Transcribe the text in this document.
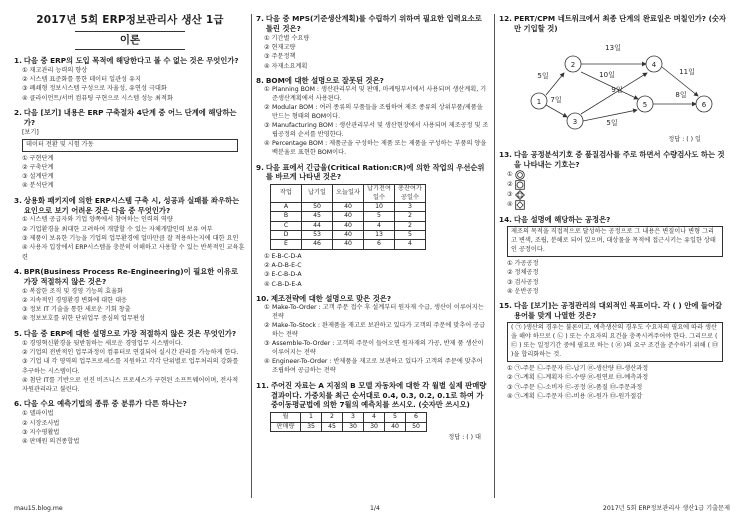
2017년 5회 ERP정보관리사 생산 1급
이론
1. 다음 중 ERP의 도입 목적에 해당한다고 볼 수 없는 것은 무엇인가?
① 재고관리 능력의 향상
② 시스템 표준화를 통한 데이터 일관성 유지
③ 폐쇄형 정보시스템 구성으로 자율성, 유연성 극대화
④ 클라이언트/서버 컴퓨팅 구현으로 시스템 성능 최적화
2. 다음 [보기] 내용은 ERP 구축절차 4단계 중 어느 단계에 해당하는가?
[보기]
데이터 전환 및 시험 가동
① 구현단계
② 구축단계
③ 설계단계
④ 분석단계
3. 상용화 패키지에 의한 ERP시스템 구축 시, 성공과 실패를 좌우하는 요인으로 보기 어려운 것은 다음 중 무엇인가?
① 시스템 공급자와 기업 양쪽에서 참여하는 인력의 역량
② 기업환경을 최대한 고려하여 개발할 수 있는 자체개발인력 보유 여부
③ 제품이 보유한 기능을 기업의 업무환경에 얼마만큼 잘 적용하는지에 대한 요인
④ 사용자 입장에서 ERP시스템을 충분히 이해하고 사용할 수 있는 반복적인 교육훈련
4. BPR(Business Process Re-Engineering)이 필요한 이유로 가장 적절하지 않은 것은?
① 복잡한 조직 및 경영 기능의 효율화
② 지속적인 경영환경 변화에 대한 대응
③ 정보 IT 기술을 통한 새로운 기회 창출
④ 정보보호를 위한 단위업무 중심의 업무편성
5. 다음 중 ERP에 대한 설명으로 가장 적절하지 않은 것은 무엇인가?
① 경영혁신환경을 뒷받침하는 새로운 경영업무 시스템이다.
② 기업의 전반적인 업무과정이 컴퓨터로 연결되어 실시간 관리를 가능하게 한다.
③ 기업 내 각 영역의 업무프로세스를 지원하고 각각 단위별로 업무처리의 강화를 추구하는 시스템이다.
④ 첨단 IT를 기반으로 선진 비즈니스 프로세스가 구현된 소프트웨어이며, 전사적 자원관리라고 불린다.
6. 다음 수요 예측기법의 종류 중 분류가 다른 하나는?
① 델파이법
② 시장조사법
③ 지수평활법
④ 판매원 의견종합법
7. 다음 중 MPS(기준생산계획)를 수립하기 위하여 필요한 입력요소로 틀린 것은?
① 기간별 수요량
② 현재고량
③ 주문정책
④ 자재소요계획
8. BOM에 대한 설명으로 잘못된 것은?
① Planning BOM : 생산관리부서 및 판매, 마케팅부서에서 사용되며 생산계획, 기준생산계획에서 사용된다.
② Modular BOM : 여러 종류의 부품들을 조립하여 제조 종류의 상위부품/제품을 만드는 형태의 BOM이다.
③ Manufacturing BOM : 생산관리부서 및 생산현장에서 사용되며 제조공정 및 조립공정의 순서를 반영한다.
④ Percentage BOM : 제품군을 구성하는 제품 또는 제품을 구성하는 부품의 양을 백분율로 표현한 BOM이다.
9. 다음 표에서 긴급율(Critical Ration:CR)에 의한 작업의 우선순위를 바르게 나타낸 것은?
작업	납기일	오늘일자	납기전여일수	총잔여가공일수
A	50	40	10	3
B	45	40	5	2
C	44	40	4	2
D	53	40	13	5
E	46	40	6	4
① E-B-C-D-A
② A-D-B-E-C
③ E-C-B-D-A
④ C-B-D-E-A
10. 제조전략에 대한 설명으로 맞은 것은?
① Make-To-Order : 고객 주문 접수 후 설계부터 원자재 수급, 생산이 이루어지는 전략
② Make-To-Stock : 완제품을 재고로 보관하고 있다가 고객의 주문에 맞추어 공급하는 전략
③ Assemble-To-Order : 고객의 주문이 들어오면 원자재의 가공, 반제 품 생산이 이루어지는 전략
④ Engineer-To-Order : 반제품을 재고로 보관하고 있다가 고객의 주문에 맞추어 조립하여 공급하는 전략
11. 주어진 자료는 A 지점의 B 모델 자동차에 대한 각 월별 실제 판매량 결과이다. 가중치를 최근 순서대로 0.4, 0.3, 0.2, 0.1로 하여 가중이동평균법에 의한 7월의 예측치를 쓰시오. (숫자만 쓰시오)
월	1	2	3	4	5	6
판매량	35	45	30	30	40	50
정답 : ( ) 대
12. PERT/CPM 네트워크에서 최종 단계의 완료일은 며칠인가? (숫자만 기입할 것)
1
2
3
4
5	6
5일
13일
7일
10일
9일
11일
5일
8일
정답 : ( ) 일
13. 다음 공정분석기호 중 품질검사를 주로 하면서 수량검사도 하는 것을 나타내는 기호는?
①
②
③
④
14. 다음 설명에 해당하는 공정은?
제조의 목적을 직접적으로 달성하는 공정으로 그 내용은 변질이나 변형 그리고 변색, 조립, 분해로 되어 있으며, 대상물을 목적에 접근시키는 유일한 상태인 공정이다.
① 가공공정
② 정체공정
③ 검사공정
④ 운반공정
15. 다음 [보기]는 공정관리의 대외적인 목표이다. 각 ( ) 안에 들어갈 용어를 맞게 나열한 것은?
( ㉠ )생산의 경우는 불론이고, 예측생산의 경우도 수요자의 필요에 따라 생산을 해야 하므로 ( ㉡ ) 또는 수요자의 요건을 충족시켜주어야 한다. 그리므로 ( ㉢ ) 또는 일정기간 중에 필요로 하는 ( ㉣ )의 요구 조건을 준수하기 위해 ( ㉤ )을 합리화하는 것.
① ㉠-주문 ㉡-주문자 ㉢-납기 ㉣-생산량 ㉤-생산과정
② ㉠-계획 ㉡-계획자 ㉢-수량 ㉣-원연료 ㉤-예측과정
③ ㉠-주문 ㉡-소비자 ㉢-공정 ㉣-품질 ㉤-주문과정
④ ㉠-계획 ㉡-주문자 ㉢-비용 ㉣-원가 ㉤-원가절감
mau15.blog.me	1/4	2017년 5회 ERP정보관리사 생산1급 기출문제
